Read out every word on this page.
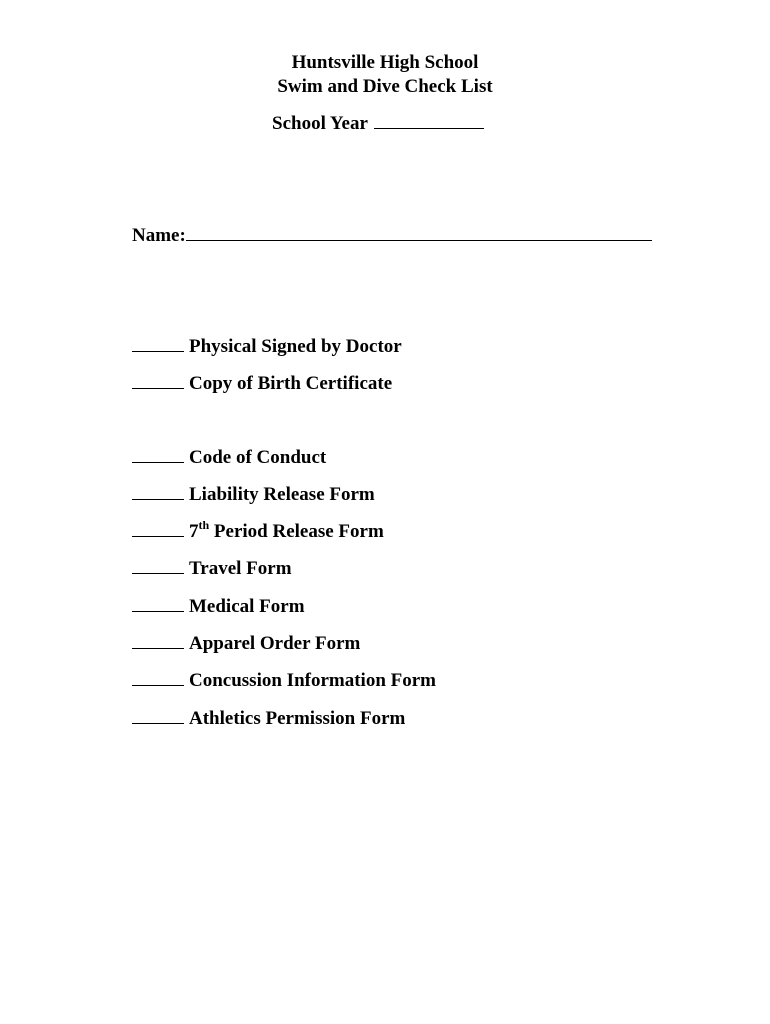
Huntsville High School
Swim and Dive Check List
School Year
Name:
Physical Signed by Doctor
Copy of Birth Certificate
Code of Conduct
Liability Release Form
7th Period Release Form
Travel Form
Medical Form
Apparel Order Form
Concussion Information Form
Athletics Permission Form
